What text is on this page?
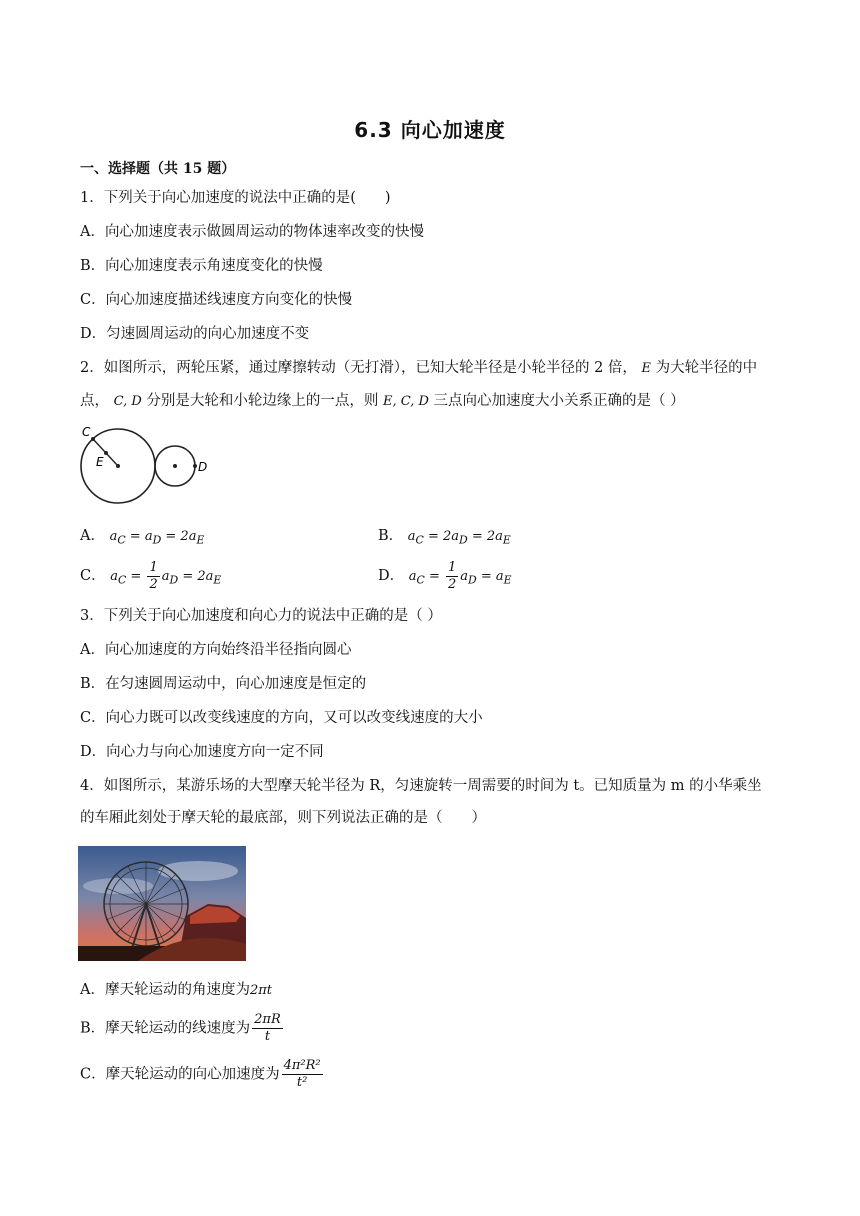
6.3 向心加速度
一、选择题（共 15 题）
1．下列关于向心加速度的说法中正确的是(　　)
A．向心加速度表示做圆周运动的物体速率改变的快慢
B．向心加速度表示角速度变化的快慢
C．向心加速度描述线速度方向变化的快慢
D．匀速圆周运动的向心加速度不变
2．如图所示，两轮压紧，通过摩擦转动（无打滑），已知大轮半径是小轮半径的 2 倍， E 为大轮半径的中
点， C, D 分别是大轮和小轮边缘上的一点，则 E, C, D 三点向心加速度大小关系正确的是（ ）
C
E	D
A． $a_C = a_D = 2a_E$	B． $a_C = 2a_D = 2a_E$
C． $a_C = \frac{1}{2} a_D = 2a_E$	D． $a_C = \frac{1}{2} a_D = a_E$
3．下列关于向心加速度和向心力的说法中正确的是（ ）
A．向心加速度的方向始终沿半径指向圆心
B．在匀速圆周运动中，向心加速度是恒定的
C．向心力既可以改变线速度的方向，又可以改变线速度的大小
D．向心力与向心加速度方向一定不同
4．如图所示，某游乐场的大型摩天轮半径为 R，匀速旋转一周需要的时间为 t。已知质量为 m 的小华乘坐
的车厢此刻处于摩天轮的最底部，则下列说法正确的是（　　）
A．摩天轮运动的角速度为2πt
B．摩天轮运动的线速度为 $\frac{2\pi R}{t}$
C．摩天轮运动的向心加速度为 $\frac{\text{4π²R²}}{\text{t²}}$
